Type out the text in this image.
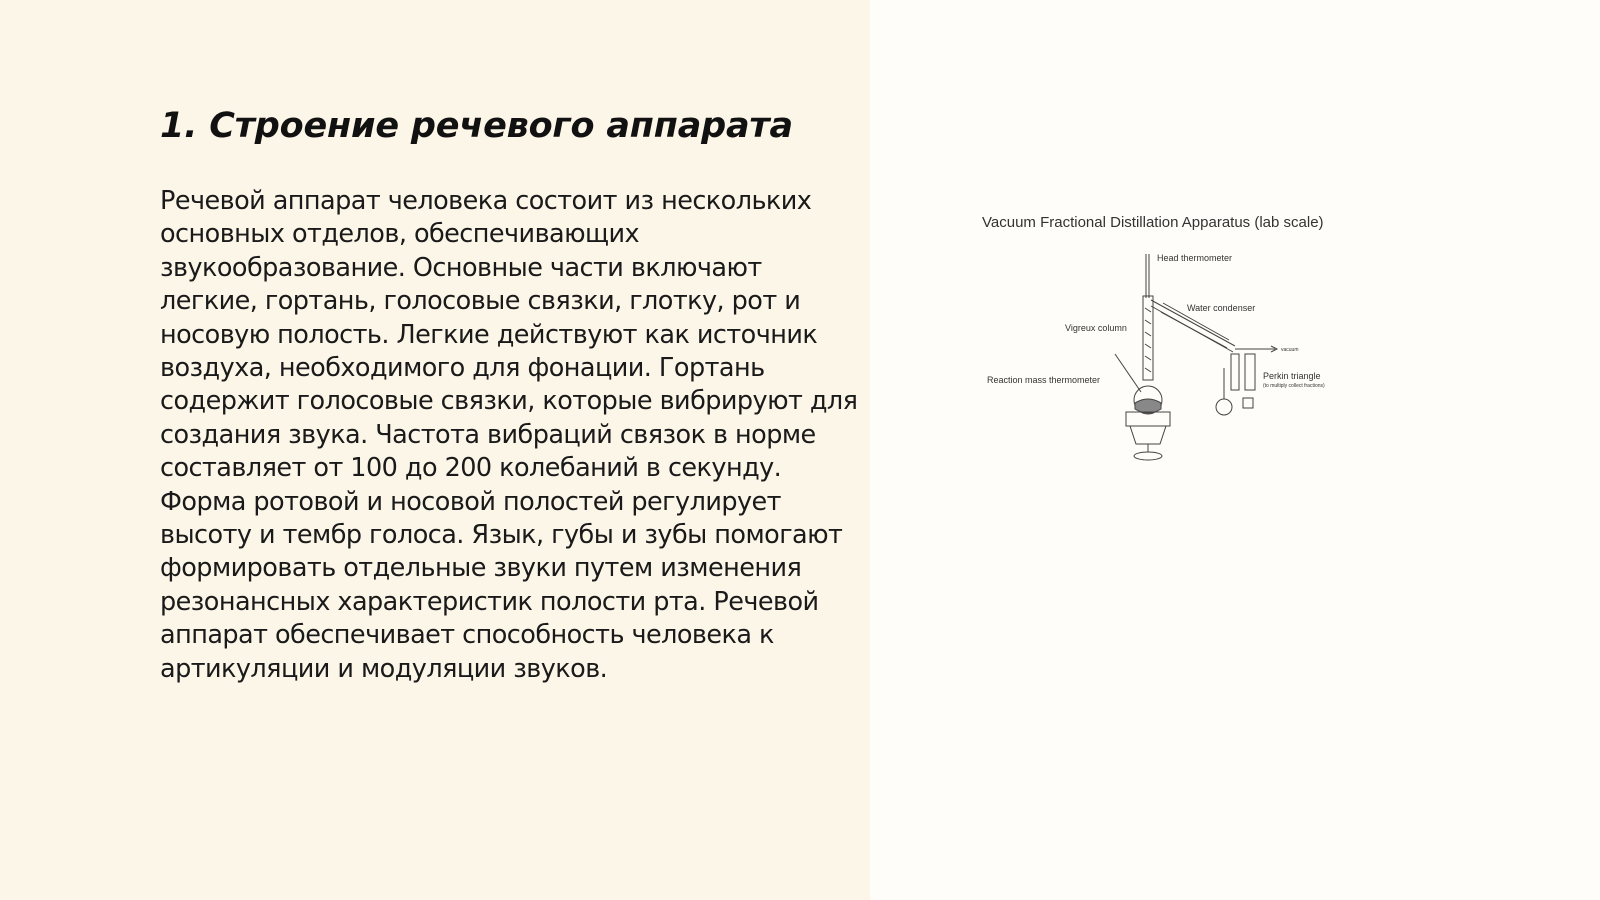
1. Строение речевого аппарата

Речевой аппарат человека состоит из нескольких основных отделов, обеспечивающих звукообразование. Основные части включают легкие, гортань, голосовые связки, глотку, рот и носовую полость. Легкие действуют как источник воздуха, необходимого для фонации. Гортань содержит голосовые связки, которые вибрируют для создания звука. Частота вибраций связок в норме составляет от 100 до 200 колебаний в секунду. Форма ротовой и носовой полостей регулирует высоту и тембр голоса. Язык, губы и зубы помогают формировать отдельные звуки путем изменения резонансных характеристик полости рта. Речевой аппарат обеспечивает способность человека к артикуляции и модуляции звуков.

Vacuum Fractional Distillation Apparatus (lab scale)
Head thermometer
Water condenser
Vigreux column
Reaction mass thermometer	Perkin triangle
(to multiply collect fractions)
vacuum
